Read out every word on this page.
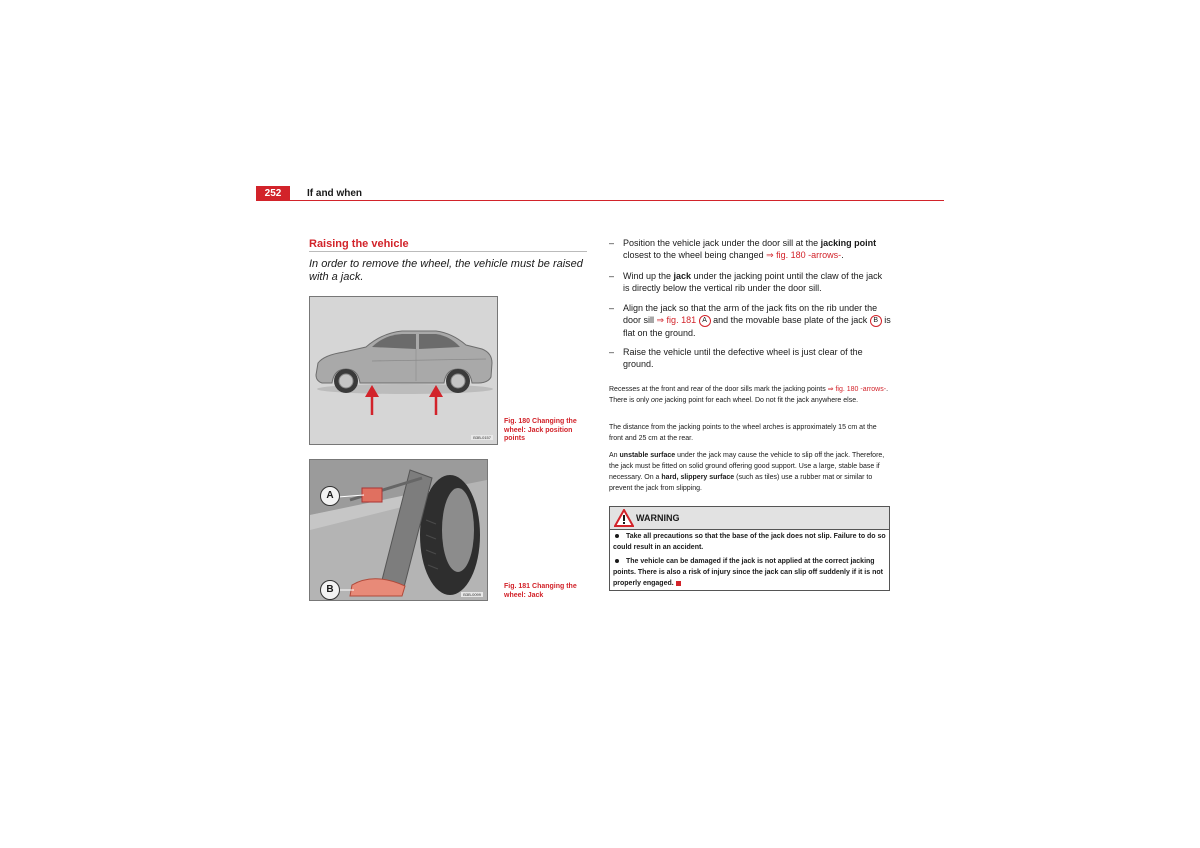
252	If and when
Raising the vehicle
In order to remove the wheel, the vehicle must be raised with a jack.
B3B-0157
Fig. 180 Changing the wheel: Jack position points
A
B	B3B-0099
Fig. 181 Changing the wheel: Jack
– Position the vehicle jack under the door sill at the jacking point closest to the wheel being changed ⇒ fig. 180 -arrows-.
– Wind up the jack under the jacking point until the claw of the jack is directly below the vertical rib under the door sill.
– Align the jack so that the arm of the jack fits on the rib under the door sill ⇒ fig. 181 A and the movable base plate of the jack B is flat on the ground.
– Raise the vehicle until the defective wheel is just clear of the ground.
Recesses at the front and rear of the door sills mark the jacking points ⇒ fig. 180 -arrows-. There is only one jacking point for each wheel. Do not fit the jack anywhere else.
The distance from the jacking points to the wheel arches is approximately 15 cm at the front and 25 cm at the rear.
An unstable surface under the jack may cause the vehicle to slip off the jack. Therefore, the jack must be fitted on solid ground offering good support. Use a large, stable base if necessary. On a hard, slippery surface (such as tiles) use a rubber mat or similar to prevent the jack from slipping.
WARNING
Take all precautions so that the base of the jack does not slip. Failure to do so could result in an accident.
The vehicle can be damaged if the jack is not applied at the correct jacking points. There is also a risk of injury since the jack can slip off suddenly if it is not properly engaged.
